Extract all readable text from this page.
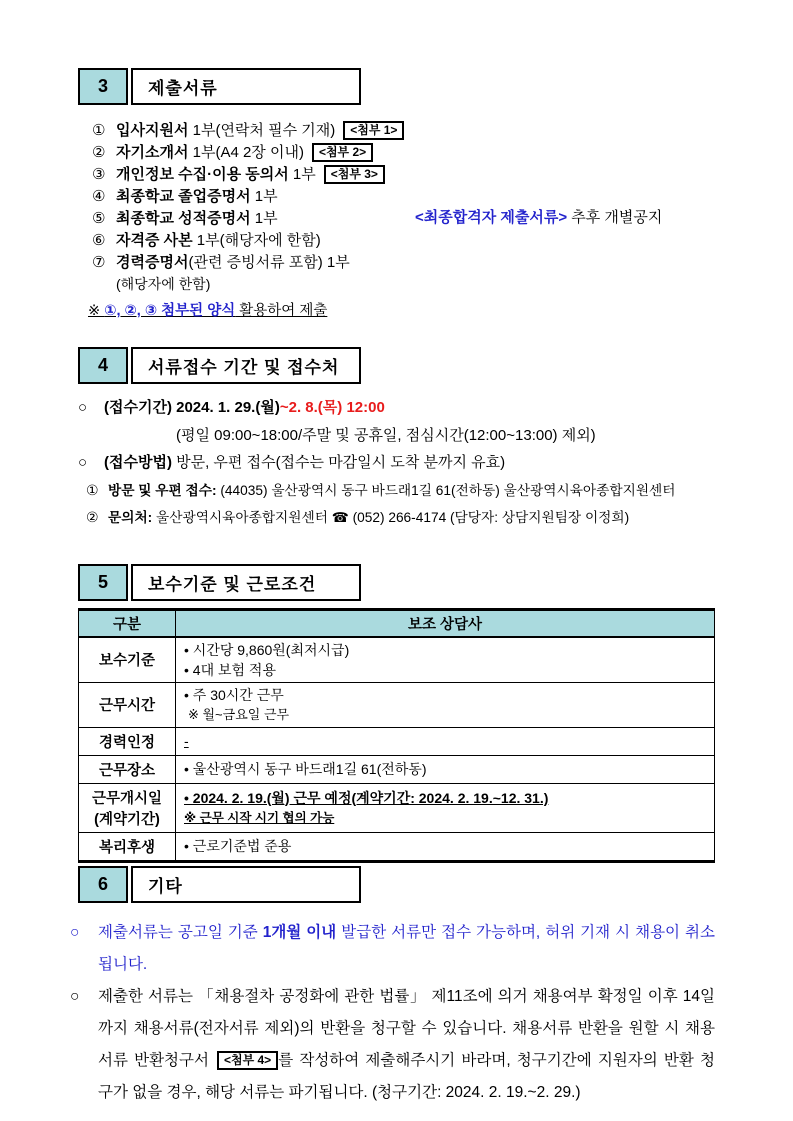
3	제출서류
<최종합격자 제출서류> 추후 개별공지
① 입사지원서 1부(연락처 필수 기재) <첨부 1>
② 자기소개서 1부(A4 2장 이내) <첨부 2>
③ 개인정보 수집·이용 동의서 1부 <첨부 3>
④ 최종학교 졸업증명서 1부
⑤ 최종학교 성적증명서 1부
⑥ 자격증 사본 1부(해당자에 한함)
⑦ 경력증명서(관련 증빙서류 포함) 1부
(해당자에 한함)
※ ①, ②, ③ 첨부된 양식 활용하여 제출
4	서류접수 기간 및 접수처
○	(접수기간) 2024. 1. 29.(월)~2. 8.(목) 12:00
(평일 09:00~18:00/주말 및 공휴일, 점심시간(12:00~13:00) 제외)
○	(접수방법) 방문, 우편 접수(접수는 마감일시 도착 분까지 유효)
① 방문 및 우편 접수: (44035) 울산광역시 동구 바드래1길 61(전하동) 울산광역시육아종합지원센터
② 문의처: 울산광역시육아종합지원센터 ☎ (052) 266-4174 (담당자: 상담지원팀장 이정희)
5	보수기준 및 근로조건
구분	보조 상담사
보수기준	• 시간당 9,860원(최저시급)
• 4대 보험 적용

근무시간	• 주 30시간 근무
※ 월~금요일 근무

경력인정	-

근무장소	• 울산광역시 동구 바드래1길 61(전하동)

근무개시일
(계약기간)

• 2024. 2. 19.(월) 근무 예정(계약기간: 2024. 2. 19.~12. 31.)
※ 근무 시작 시기 협의 가능

복리후생	• 근로기준법 준용
6	기타
○	제출서류는 공고일 기준 1개월 이내 발급한 서류만 접수 가능하며, 허위 기재 시 채용이 취소됩니다.
○	제출한 서류는 「채용절차 공정화에 관한 법률」 제11조에 의거 채용여부 확정일 이후 14일 까지 채용서류(전자서류 제외)의 반환을 청구할 수 있습니다. 채용서류 반환을 원할 시 채용 서류 반환청구서 <첨부 4> 를 작성하여 제출해주시기 바라며, 청구기간에 지원자의 반환 청구가 없을 경우, 해당 서류는 파기됩니다. (청구기간: 2024. 2. 19.~2. 29.)
